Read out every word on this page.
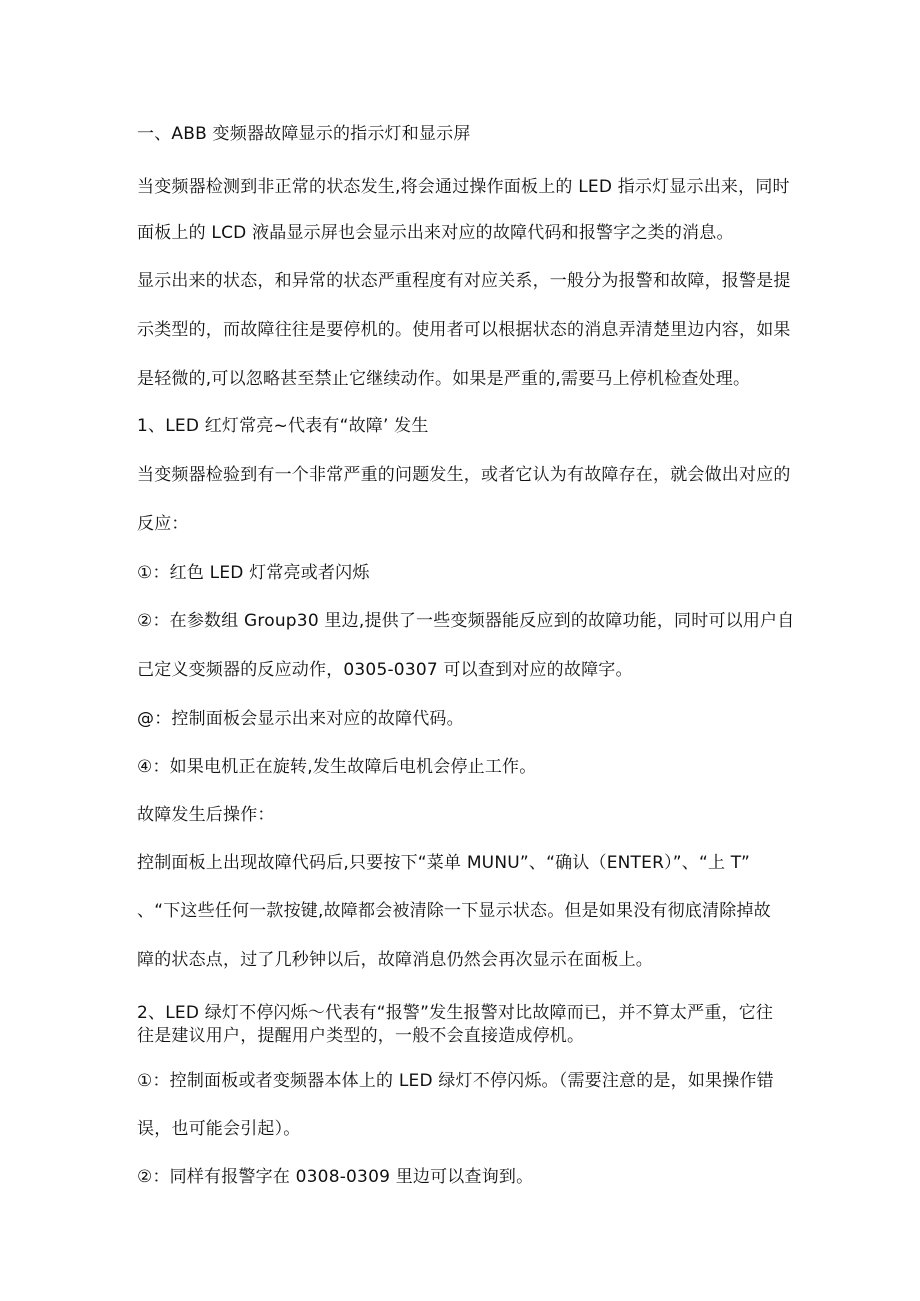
一、ABB 变频器故障显示的指示灯和显示屏

当变频器检测到非正常的状态发生,将会通过操作面板上的 LED 指示灯显示出来，同时

面板上的 LCD 液晶显示屏也会显示出来对应的故障代码和报警字之类的消息。

显示出来的状态，和异常的状态严重程度有对应关系，一般分为报警和故障，报警是提

示类型的，而故障往往是要停机的。使用者可以根据状态的消息弄清楚里边内容，如果

是轻微的,可以忽略甚至禁止它继续动作。如果是严重的,需要马上停机检查处理。

1、LED 红灯常亮~代表有“故障’ 发生

当变频器检验到有一个非常严重的问题发生，或者它认为有故障存在，就会做出对应的

反应：

①：红色 LED 灯常亮或者闪烁

②：在参数组 Group30 里边,提供了一些变频器能反应到的故障功能，同时可以用户自

己定义变频器的反应动作，0305-0307 可以查到对应的故障字。

@：控制面板会显示出来对应的故障代码。

④：如果电机正在旋转,发生故障后电机会停止工作。

故障发生后操作：

控制面板上出现故障代码后,只要按下“菜单 MUNU”、“确认（ENTER）”、“上 T”

、“下这些任何一款按键,故障都会被清除一下显示状态。但是如果没有彻底清除掉故

障的状态点，过了几秒钟以后，故障消息仍然会再次显示在面板上。

2、LED 绿灯不停闪烁～代表有“报警”发生报警对比故障而已，并不算太严重，它往

往是建议用户，提醒用户类型的，一般不会直接造成停机。

①：控制面板或者变频器本体上的 LED 绿灯不停闪烁。（需要注意的是，如果操作错

误，也可能会引起）。

②：同样有报警字在 0308-0309 里边可以查询到。
